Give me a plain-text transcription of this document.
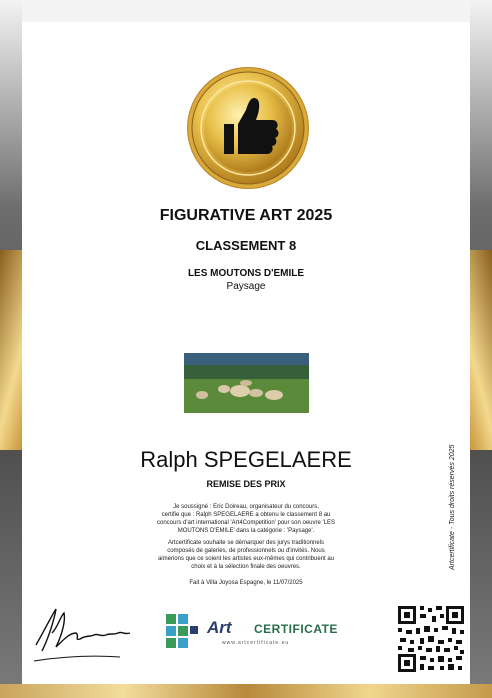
FIGURATIVE ART 2025
CLASSEMENT 8
LES MOUTONS D'EMILE
Paysage
Ralph SPEGELAERE
REMISE DES PRIX
Je soussigné : Eric Doireau, organisateur du concours,
certifie que : Ralph SPEGELAERE a obtenu le classement 8 au
concours d'art international 'Art4Competition' pour son oeuvre 'LES
MOUTONS D'EMILE' dans la catégorie : 'Paysage'.
Artcertificate souhaite se démarquer des jurys traditionnels
composés de galeries, de professionnels ou d'invités. Nous
aimerions que ce soient les artistes eux-mêmes qui contribuent au
choix et à la sélection finale des oeuvres.
Fait à Villa Joyosa Espagne, le 11/07/2025
Artcertificate - Tous droits réservés 2025
Art CERTIFICATE
www.artcertificate.eu
